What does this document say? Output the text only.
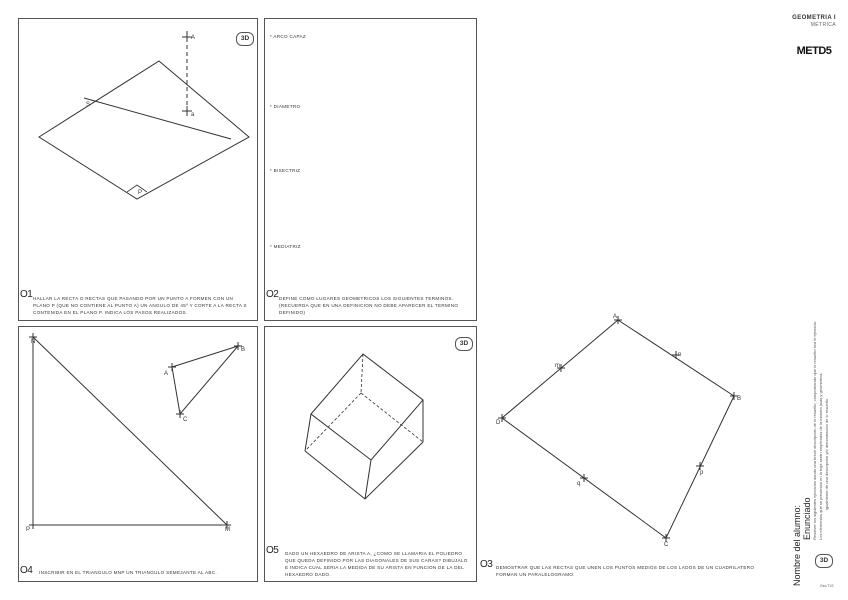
GEOMETRIA I
MÉTRICA
METD5
Nombre del alumno: Enunciado Resolver los siguientes ejercicios dando una breve descripción de lo resuelto, comprobando que lo resuelto sea el ejercicio. Los elementos que se presentan en la hoja serán empleados de la manera justa y geométrica, igualmente de una descripción y/o demostración de lo resuelto.
3D
Geo T.IS
3D
A
a
S
P
O1 HALLAR LA RECTA O RECTAS QUE PASANDO POR UN PUNTO A FORMEN CON UN PLANO P (QUE NO CONTIENE AL PUNTO A) UN ANGULO DE 45º Y CORTE A LA RECTA S CONTENIDA EN EL PLANO P. INDICA LOS PASOS REALIZADOS.
* ARCO CAPAZ
* DIAMETRO
* BISECTRIZ
* MEDIATRIZ
O2 DEFINE COMO LUGARES GEOMETRICOS LOS SIGUIENTES TERMINOS. (RECUERDA QUE EN UNA DEFINICION NO DEBE APARECER EL TERMINO DEFINIDO)
N
P	M
A
B
C
O4 INSCRIBIR EN EL TRIANGULO MNP UN TRIANGULO SEMEJANTE AL ABC.
3D
O5 DADO UN HEXAEDRO DE ARISTA A, ¿COMO SE LLAMARIA EL POLIEDRO QUE QUEDA DEFINIDO POR LAS DIAGONALES DE SUS CARAS? DIBUJALO E INDICA CUAL SERIA LA MEDIDA DE SU ARISTA EN FUNCION DE LA DEL HEXAEDRO DADO.
A
B
C
D
m
n
p
q
O3 DEMOSTRAR QUE LAS RECTAS QUE UNEN LOS PUNTOS MEDIOS DE LOS LADOS DE UN CUADRILATERO FORMAN UN PARALELOGRAMO.
